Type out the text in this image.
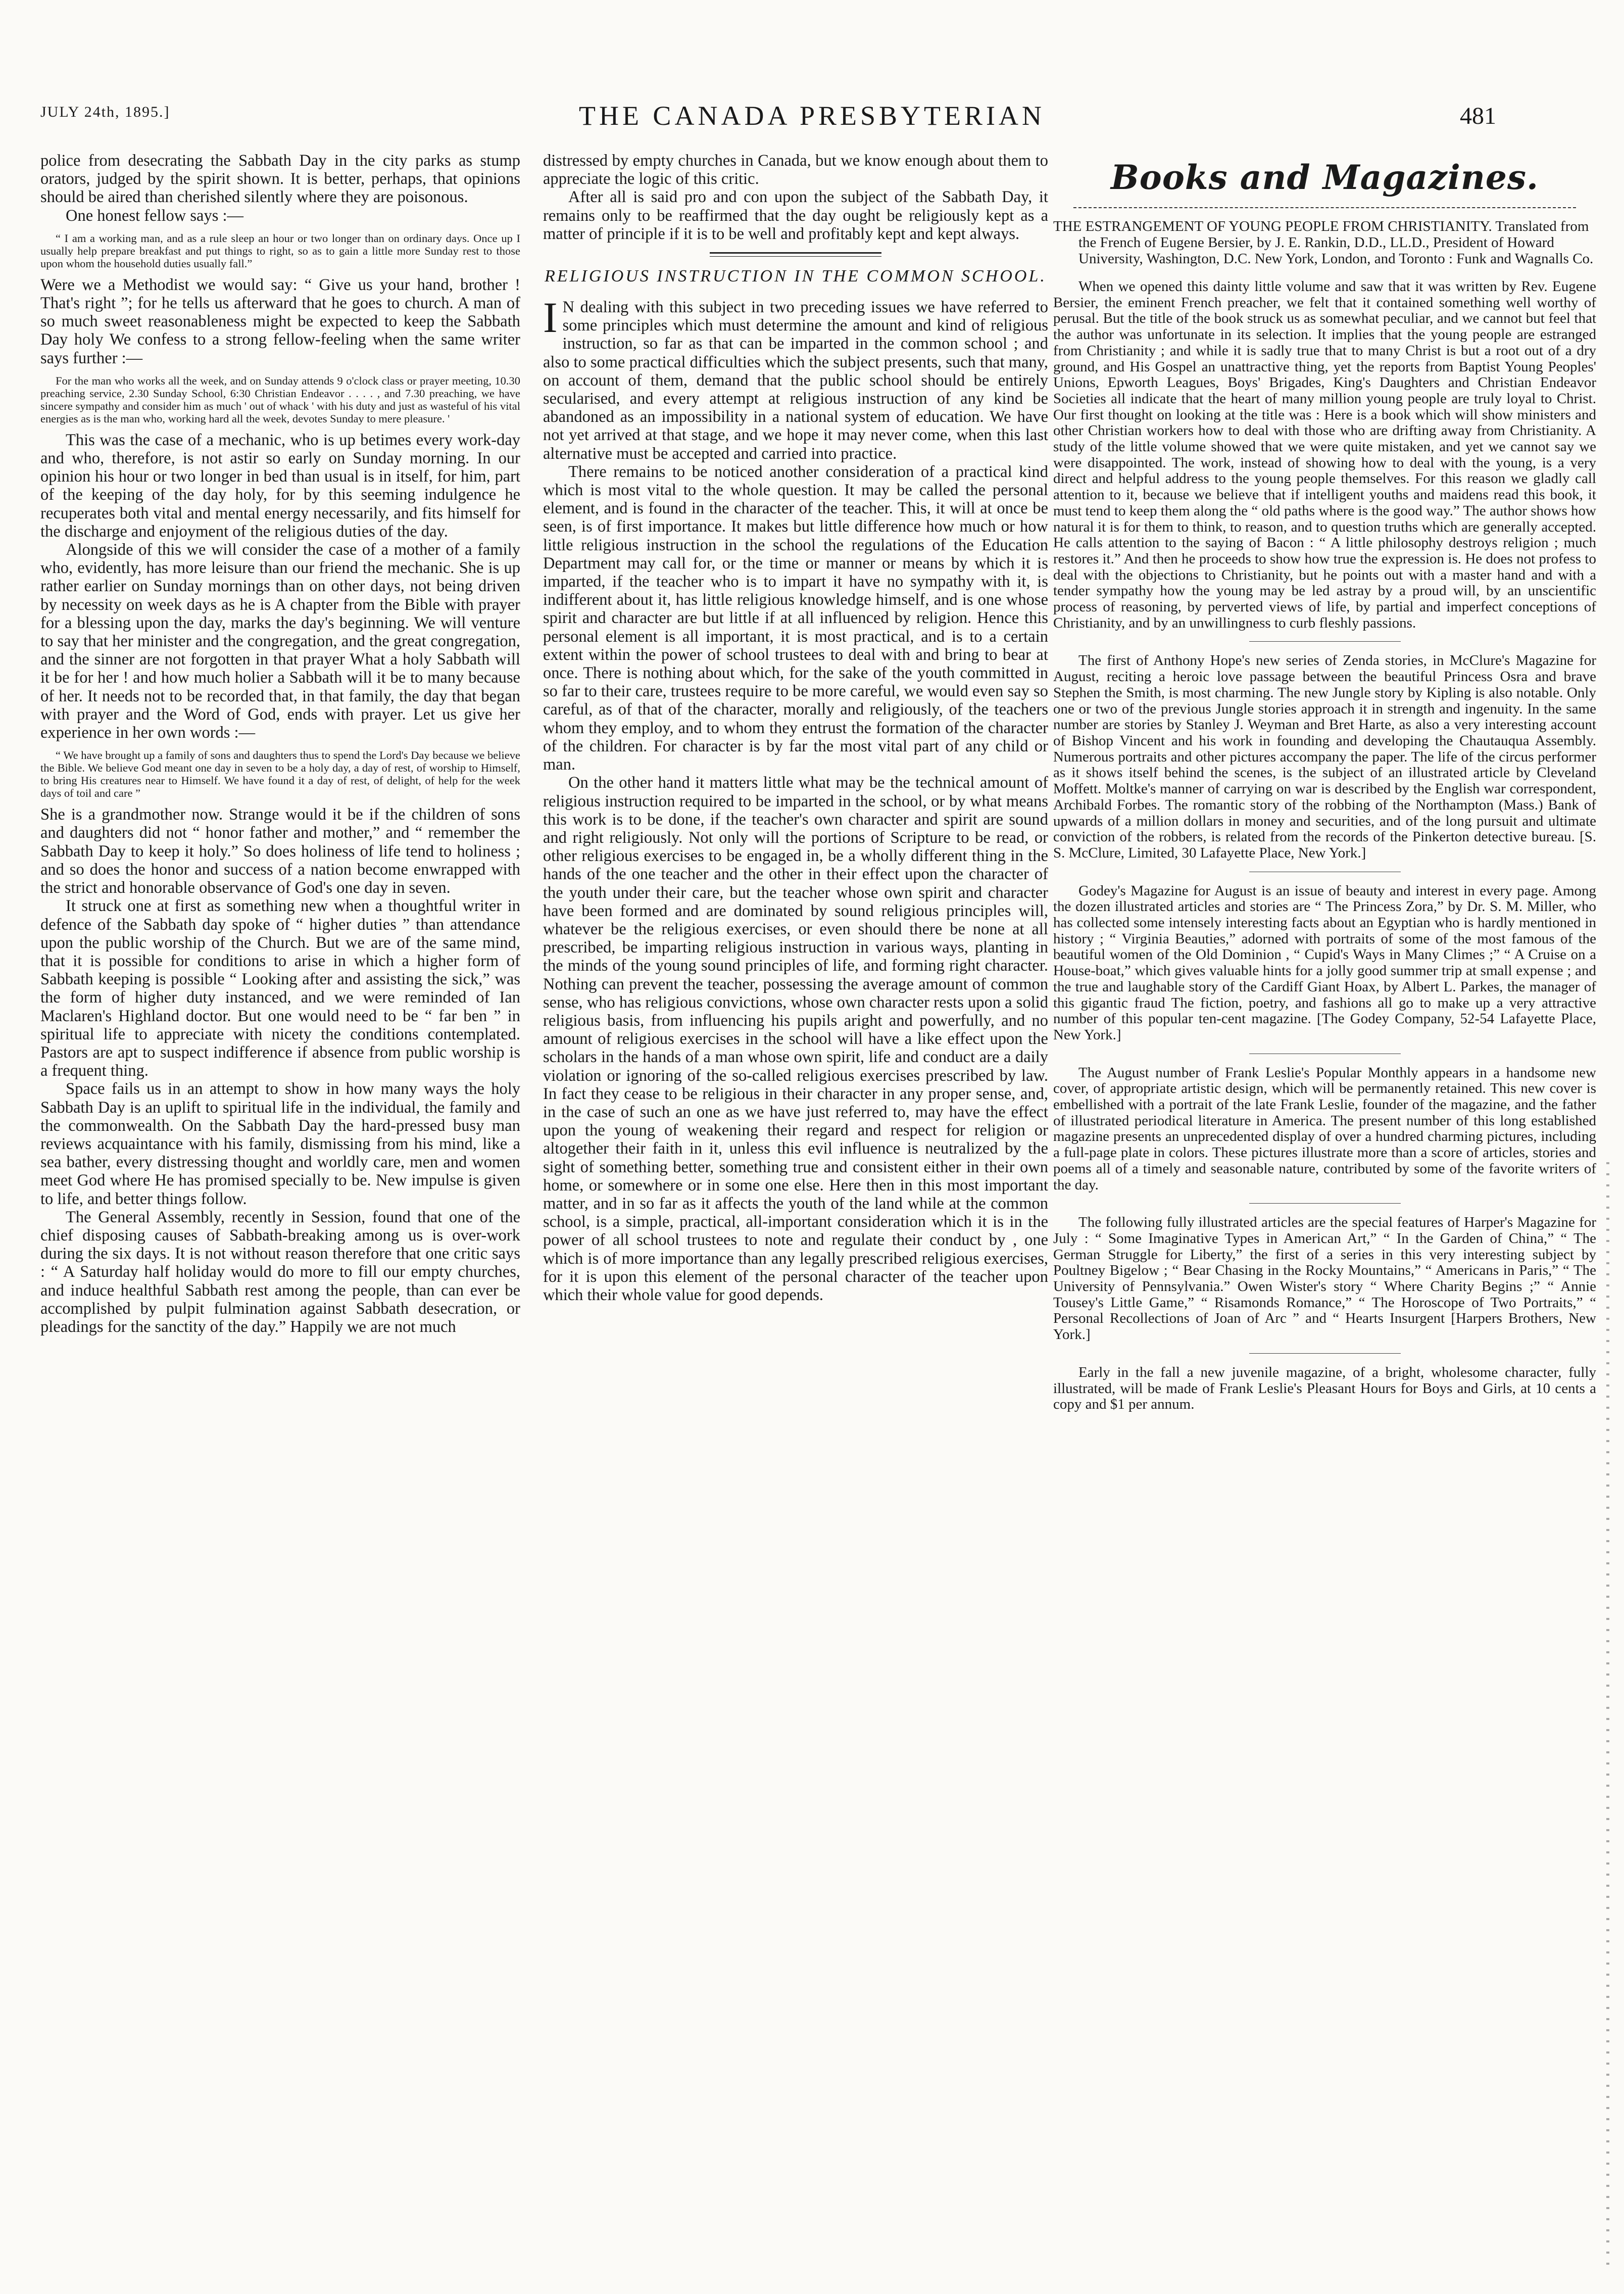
JULY 24th, 1895.]	THE CANADA PRESBYTERIAN	481

police from desecrating the Sabbath Day in the city parks as stump orators, judged by the spirit shown. It is better, perhaps, that opinions should be aired than cherished silently where they are poisonous.

One honest fellow says :—

“ I am a working man, and as a rule sleep an hour or two longer than on ordinary days. Once up I usually help prepare breakfast and put things to right, so as to gain a little more Sunday rest to those upon whom the household duties usually fall.”

Were we a Methodist we would say: “ Give us your hand, brother ! That's right ”; for he tells us afterward that he goes to church. A man of so much sweet reasonableness might be expected to keep the Sabbath Day holy We confess to a strong fellow-feeling when the same writer says further :—

For the man who works all the week, and on Sunday attends 9 o'clock class or prayer meeting, 10.30 preaching service, 2.30 Sunday School, 6:30 Christian Endeavor . . . . , and 7.30 preaching, we have sincere sympathy and consider him as much ' out of whack ' with his duty and just as wasteful of his vital energies as is the man who, working hard all the week, devotes Sunday to mere pleasure. '

This was the case of a mechanic, who is up betimes every work-day and who, therefore, is not astir so early on Sunday morning. In our opinion his hour or two longer in bed than usual is in itself, for him, part of the keeping of the day holy, for by this seeming indulgence he recuperates both vital and mental energy necessarily, and fits himself for the discharge and enjoyment of the religious duties of the day.

Alongside of this we will consider the case of a mother of a family who, evidently, has more leisure than our friend the mechanic. She is up rather earlier on Sunday mornings than on other days, not being driven by necessity on week days as he is A chapter from the Bible with prayer for a blessing upon the day, marks the day's beginning. We will venture to say that her minister and the congregation, and the great congregation, and the sinner are not forgotten in that prayer What a holy Sabbath will it be for her ! and how much holier a Sabbath will it be to many because of her. It needs not to be recorded that, in that family, the day that began with prayer and the Word of God, ends with prayer. Let us give her experience in her own words :—

“ We have brought up a family of sons and daughters thus to spend the Lord's Day because we believe the Bible. We believe God meant one day in seven to be a holy day, a day of rest, of worship to Himself, to bring His creatures near to Himself. We have found it a day of rest, of delight, of help for the week days of toil and care ”

She is a grandmother now. Strange would it be if the children of sons and daughters did not “ honor father and mother,” and “ remember the Sabbath Day to keep it holy.” So does holiness of life tend to holiness ; and so does the honor and success of a nation become enwrapped with the strict and honorable observance of God's one day in seven.

It struck one at first as something new when a thoughtful writer in defence of the Sabbath day spoke of “ higher duties ” than attendance upon the public worship of the Church. But we are of the same mind, that it is possible for conditions to arise in which a higher form of Sabbath keeping is possible “ Looking after and assisting the sick,” was the form of higher duty instanced, and we were reminded of Ian Maclaren's Highland doctor. But one would need to be “ far ben ” in spiritual life to appreciate with nicety the conditions contemplated. Pastors are apt to suspect indifference if absence from public worship is a frequent thing.

Space fails us in an attempt to show in how many ways the holy Sabbath Day is an uplift to spiritual life in the individual, the family and the commonwealth. On the Sabbath Day the hard-pressed busy man reviews acquaintance with his family, dismissing from his mind, like a sea bather, every distressing thought and worldly care, men and women meet God where He has promised specially to be. New impulse is given to life, and better things follow.

The General Assembly, recently in Session, found that one of the chief disposing causes of Sabbath-breaking among us is over-work during the six days. It is not without reason therefore that one critic says : “ A Saturday half holiday would do more to fill our empty churches, and induce healthful Sabbath rest among the people, than can ever be accomplished by pulpit fulmination against Sabbath desecration, or pleadings for the sanctity of the day.” Happily we are not much

distressed by empty churches in Canada, but we know enough about them to appreciate the logic of this critic.

After all is said pro and con upon the subject of the Sabbath Day, it remains only to be reaffirmed that the day ought be religiously kept as a matter of principle if it is to be well and profitably kept and kept always.

RELIGIOUS INSTRUCTION IN THE COMMON SCHOOL.

I N dealing with this subject in two preceding issues we have referred to some principles which must determine the amount and kind of religious instruction, so far as that can be imparted in the common school ; and also to some practical difficulties which the subject presents, such that many, on account of them, demand that the public school should be entirely secularised, and every attempt at religious instruction of any kind be abandoned as an impossibility in a national system of education. We have not yet arrived at that stage, and we hope it may never come, when this last alternative must be accepted and carried into practice.

There remains to be noticed another consideration of a practical kind which is most vital to the whole question. It may be called the personal element, and is found in the character of the teacher. This, it will at once be seen, is of first importance. It makes but little difference how much or how little religious instruction in the school the regulations of the Education Department may call for, or the time or manner or means by which it is imparted, if the teacher who is to impart it have no sympathy with it, is indifferent about it, has little religious knowledge himself, and is one whose spirit and character are but little if at all influenced by religion. Hence this personal element is all important, it is most practical, and is to a certain extent within the power of school trustees to deal with and bring to bear at once. There is nothing about which, for the sake of the youth committed in so far to their care, trustees require to be more careful, we would even say so careful, as of that of the character, morally and religiously, of the teachers whom they employ, and to whom they entrust the formation of the character of the children. For character is by far the most vital part of any child or man.

On the other hand it matters little what may be the technical amount of religious instruction required to be imparted in the school, or by what means this work is to be done, if the teacher's own character and spirit are sound and right religiously. Not only will the portions of Scripture to be read, or other religious exercises to be engaged in, be a wholly different thing in the hands of the one teacher and the other in their effect upon the character of the youth under their care, but the teacher whose own spirit and character have been formed and are dominated by sound religious principles will, whatever be the religious exercises, or even should there be none at all prescribed, be imparting religious instruction in various ways, planting in the minds of the young sound principles of life, and forming right character. Nothing can prevent the teacher, possessing the average amount of common sense, who has religious convictions, whose own character rests upon a solid religious basis, from influencing his pupils aright and powerfully, and no amount of religious exercises in the school will have a like effect upon the scholars in the hands of a man whose own spirit, life and conduct are a daily violation or ignoring of the so-called religious exercises prescribed by law. In fact they cease to be religious in their character in any proper sense, and, in the case of such an one as we have just referred to, may have the effect upon the young of weakening their regard and respect for religion or altogether their faith in it, unless this evil influence is neutralized by the sight of something better, something true and consistent either in their own home, or somewhere or in some one else. Here then in this most important matter, and in so far as it affects the youth of the land while at the common school, is a simple, practical, all-important consideration which it is in the power of all school trustees to note and regulate their conduct by , one which is of more importance than any legally prescribed religious exercises, for it is upon this element of the personal character of the teacher upon which their whole value for good depends.

Books and Magazines.
THE ESTRANGEMENT OF YOUNG PEOPLE FROM CHRISTIANITY. Translated from the French of Eugene Bersier, by J. E. Rankin, D.D., LL.D., President of Howard University, Washington, D.C. New York, London, and Toronto : Funk and Wagnalls Co.

When we opened this dainty little volume and saw that it was written by Rev. Eugene Bersier, the eminent French preacher, we felt that it contained something well worthy of perusal. But the title of the book struck us as somewhat peculiar, and we cannot but feel that the author was unfortunate in its selection. It implies that the young people are estranged from Christianity ; and while it is sadly true that to many Christ is but a root out of a dry ground, and His Gospel an unattractive thing, yet the reports from Baptist Young Peoples' Unions, Epworth Leagues, Boys' Brigades, King's Daughters and Christian Endeavor Societies all indicate that the heart of many million young people are truly loyal to Christ. Our first thought on looking at the title was : Here is a book which will show ministers and other Christian workers how to deal with those who are drifting away from Christianity. A study of the little volume showed that we were quite mistaken, and yet we cannot say we were disappointed. The work, instead of showing how to deal with the young, is a very direct and helpful address to the young people themselves. For this reason we gladly call attention to it, because we believe that if intelligent youths and maidens read this book, it must tend to keep them along the “ old paths where is the good way.” The author shows how natural it is for them to think, to reason, and to question truths which are generally accepted. He calls attention to the saying of Bacon : “ A little philosophy destroys religion ; much restores it.” And then he proceeds to show how true the expression is. He does not profess to deal with the objections to Christianity, but he points out with a master hand and with a tender sympathy how the young may be led astray by a proud will, by an unscientific process of reasoning, by perverted views of life, by partial and imperfect conceptions of Christianity, and by an unwillingness to curb fleshly passions.

The first of Anthony Hope's new series of Zenda stories, in McClure's Magazine for August, reciting a heroic love passage between the beautiful Princess Osra and brave Stephen the Smith, is most charming. The new Jungle story by Kipling is also notable. Only one or two of the previous Jungle stories approach it in strength and ingenuity. In the same number are stories by Stanley J. Weyman and Bret Harte, as also a very interesting account of Bishop Vincent and his work in founding and developing the Chautauqua Assembly. Numerous portraits and other pictures accompany the paper. The life of the circus performer as it shows itself behind the scenes, is the subject of an illustrated article by Cleveland Moffett. Moltke's manner of carrying on war is described by the English war correspondent, Archibald Forbes. The romantic story of the robbing of the Northampton (Mass.) Bank of upwards of a million dollars in money and securities, and of the long pursuit and ultimate conviction of the robbers, is related from the records of the Pinkerton detective bureau. [S. S. McClure, Limited, 30 Lafayette Place, New York.]

Godey's Magazine for August is an issue of beauty and interest in every page. Among the dozen illustrated articles and stories are “ The Princess Zora,” by Dr. S. M. Miller, who has collected some intensely interesting facts about an Egyptian who is hardly mentioned in history ; “ Virginia Beauties,” adorned with portraits of some of the most famous of the beautiful women of the Old Dominion , “ Cupid's Ways in Many Climes ;” “ A Cruise on a House-boat,” which gives valuable hints for a jolly good summer trip at small expense ; and the true and laughable story of the Cardiff Giant Hoax, by Albert L. Parkes, the manager of this gigantic fraud The fiction, poetry, and fashions all go to make up a very attractive number of this popular ten-cent magazine. [The Godey Company, 52-54 Lafayette Place, New York.]

The August number of Frank Leslie's Popular Monthly appears in a handsome new cover, of appropriate artistic design, which will be permanently retained. This new cover is embellished with a portrait of the late Frank Leslie, founder of the magazine, and the father of illustrated periodical literature in America. The present number of this long established magazine presents an unprecedented display of over a hundred charming pictures, including a full-page plate in colors. These pictures illustrate more than a score of articles, stories and poems all of a timely and seasonable nature, contributed by some of the favorite writers of the day.

The following fully illustrated articles are the special features of Harper's Magazine for July : “ Some Imaginative Types in American Art,” “ In the Garden of China,” “ The German Struggle for Liberty,” the first of a series in this very interesting subject by Poultney Bigelow ; “ Bear Chasing in the Rocky Mountains,” “ Americans in Paris,” “ The University of Pennsylvania.” Owen Wister's story “ Where Charity Begins ;” “ Annie Tousey's Little Game,” “ Risamonds Romance,” “ The Horoscope of Two Portraits,” “ Personal Recollections of Joan of Arc ” and “ Hearts Insurgent [Harpers Brothers, New York.]

Early in the fall a new juvenile magazine, of a bright, wholesome character, fully illustrated, will be made of Frank Leslie's Pleasant Hours for Boys and Girls, at 10 cents a copy and $1 per annum.
